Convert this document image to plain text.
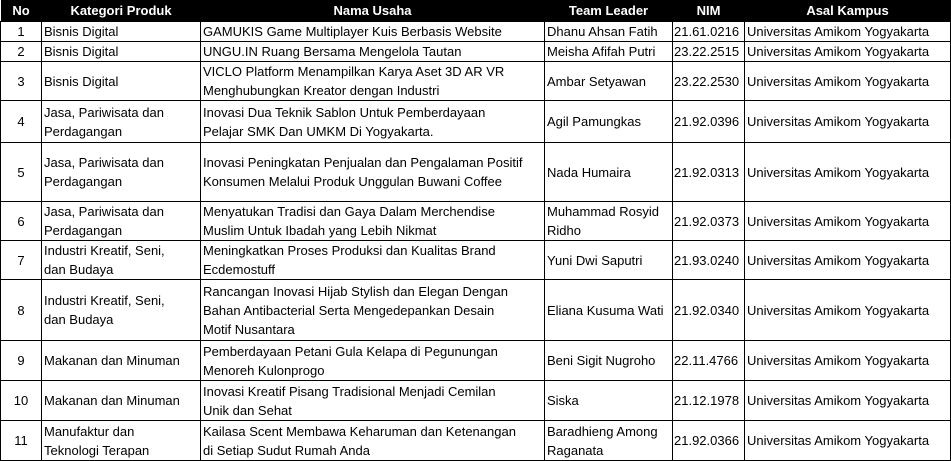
No	Kategori Produk	Nama Usaha	Team Leader	NIM	Asal Kampus
1	Bisnis Digital	GAMUKIS Game Multiplayer Kuis Berbasis Website	Dhanu Ahsan Fatih	21.61.0216	Universitas Amikom Yogyakarta
2	Bisnis Digital	UNGU.IN Ruang Bersama Mengelola Tautan	Meisha Afifah Putri	23.22.2515	Universitas Amikom Yogyakarta
3	Bisnis Digital	VICLO Platform Menampilkan Karya Aset 3D AR VR
Menghubungkan Kreator dengan Industri	Ambar Setyawan	23.22.2530	Universitas Amikom Yogyakarta
4	Jasa, Pariwisata dan
Perdagangan	Inovasi Dua Teknik Sablon Untuk Pemberdayaan
Pelajar SMK Dan UMKM Di Yogyakarta.	Agil Pamungkas	21.92.0396	Universitas Amikom Yogyakarta
5	Jasa, Pariwisata dan
Perdagangan	Inovasi Peningkatan Penjualan dan Pengalaman Positif
Konsumen Melalui Produk Unggulan Buwani Coffee	Nada Humaira	21.92.0313	Universitas Amikom Yogyakarta
6	Jasa, Pariwisata dan
Perdagangan	Menyatukan Tradisi dan Gaya Dalam Merchendise
Muslim Untuk Ibadah yang Lebih Nikmat	Muhammad Rosyid
Ridho	21.92.0373	Universitas Amikom Yogyakarta
7	Industri Kreatif, Seni,
dan Budaya	Meningkatkan Proses Produksi dan Kualitas Brand
Ecdemostuff	Yuni Dwi Saputri	21.93.0240	Universitas Amikom Yogyakarta
8	Industri Kreatif, Seni,
dan Budaya	Rancangan Inovasi Hijab Stylish dan Elegan Dengan
Bahan Antibacterial Serta Mengedepankan Desain
Motif Nusantara	Eliana Kusuma Wati	21.92.0340	Universitas Amikom Yogyakarta
9	Makanan dan Minuman	Pemberdayaan Petani Gula Kelapa di Pegunungan
Menoreh Kulonprogo	Beni Sigit Nugroho	22.11.4766	Universitas Amikom Yogyakarta
10	Makanan dan Minuman	Inovasi Kreatif Pisang Tradisional Menjadi Cemilan
Unik dan Sehat	Siska	21.12.1978	Universitas Amikom Yogyakarta
11	Manufaktur dan
Teknologi Terapan	Kailasa Scent Membawa Keharuman dan Ketenangan
di Setiap Sudut Rumah Anda	Baradhieng Among
Raganata	21.92.0366	Universitas Amikom Yogyakarta
